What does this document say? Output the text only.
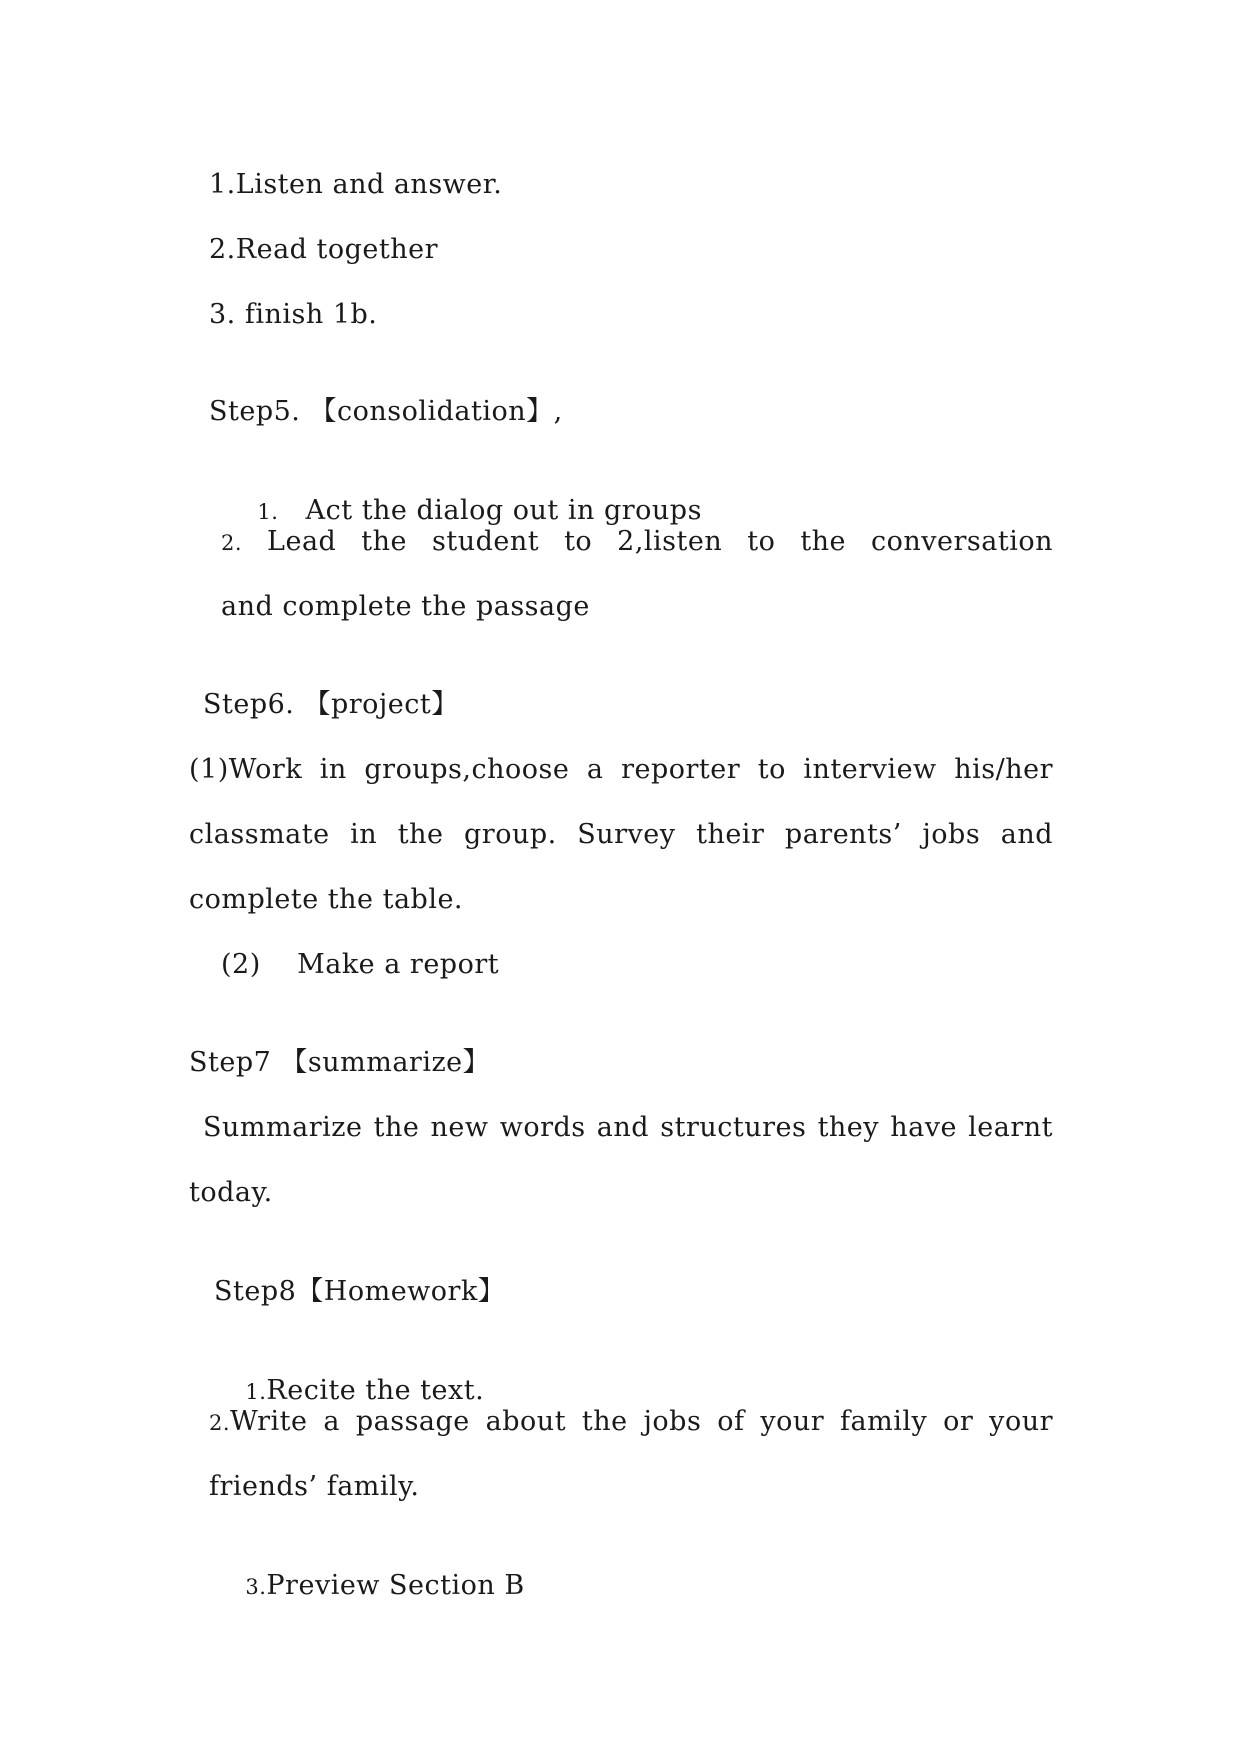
1.Listen and answer.
2.Read together
3. finish 1b.
Step5. 【consolidation】,

1. Act the dialog out in groups

2. Lead the student to 2,listen to the conversation
and complete the passage
Step6. 【project】
(1)Work in groups,choose a reporter to interview his/her
classmate in the group. Survey their parents’ jobs and
complete the table.
(2)    Make a report
Step7 【summarize】
Summarize the new words and structures they have learnt
today.
Step8【Homework】

1.Recite the text.

2.Write a passage about the jobs of your family or your
friends’ family.

3.Preview Section B
